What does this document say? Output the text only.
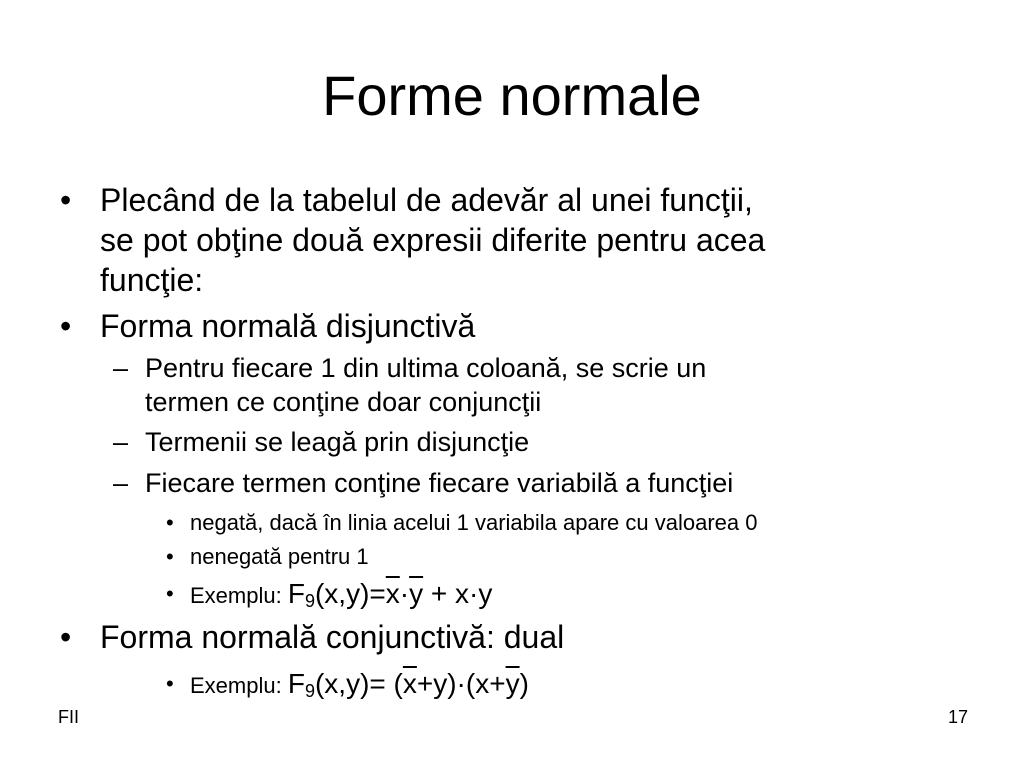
Forme normale
• Plecând de la tabelul de adevăr al unei funcţii,
se pot obţine două expresii diferite pentru acea
funcţie:
• Forma normală disjunctivă
– Pentru fiecare 1 din ultima coloană, se scrie un
termen ce conţine doar conjuncţii
– Termenii se leagă prin disjuncţie
– Fiecare termen conţine fiecare variabilă a funcţiei
• negată, dacă în linia acelui 1 variabila apare cu valoarea 0
• nenegată pentru 1
• Exemplu: $F_9(x,y)=\overline{x}\cdot\overline{y} + x\cdot y$
• Forma normală conjunctivă: dual
• Exemplu: $F_9(x,y)= (\overline{x}+y)\cdot(x+\overline{y})$
FII	17
